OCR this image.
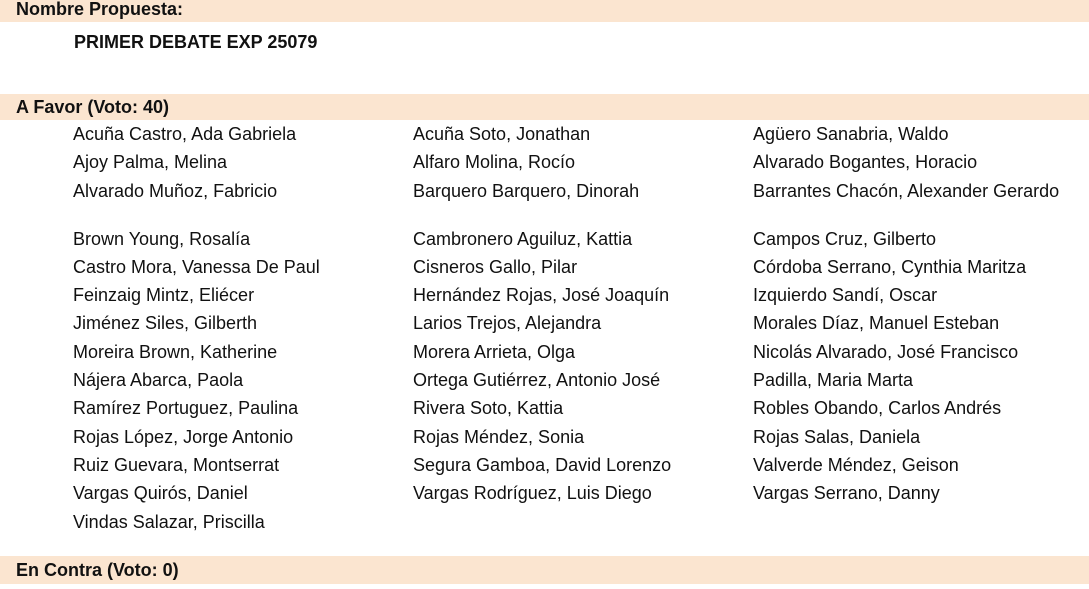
Nombre Propuesta:
PRIMER DEBATE EXP 25079
A Favor (Voto: 40)
Acuña Castro, Ada Gabriela	Acuña Soto, Jonathan	Agüero Sanabria, Waldo
Ajoy Palma, Melina	Alfaro Molina, Rocío	Alvarado Bogantes, Horacio
Alvarado Muñoz, Fabricio	Barquero Barquero, Dinorah	Barrantes Chacón, Alexander Gerardo
Brown Young, Rosalía	Cambronero Aguiluz, Kattia	Campos Cruz, Gilberto
Castro Mora, Vanessa De Paul	Cisneros Gallo, Pilar	Córdoba Serrano, Cynthia Maritza
Feinzaig Mintz, Eliécer	Hernández Rojas, José Joaquín	Izquierdo Sandí, Oscar
Jiménez Siles, Gilberth	Larios Trejos, Alejandra	Morales Díaz, Manuel Esteban
Moreira Brown, Katherine	Morera Arrieta, Olga	Nicolás Alvarado, José Francisco
Nájera Abarca, Paola	Ortega Gutiérrez, Antonio José	Padilla, Maria Marta
Ramírez Portuguez, Paulina	Rivera Soto, Kattia	Robles Obando, Carlos Andrés
Rojas López, Jorge Antonio	Rojas Méndez, Sonia	Rojas Salas, Daniela
Ruiz Guevara, Montserrat	Segura Gamboa, David Lorenzo	Valverde Méndez, Geison
Vargas Quirós, Daniel	Vargas Rodríguez, Luis Diego	Vargas Serrano, Danny
Vindas Salazar, Priscilla
En Contra (Voto: 0)
